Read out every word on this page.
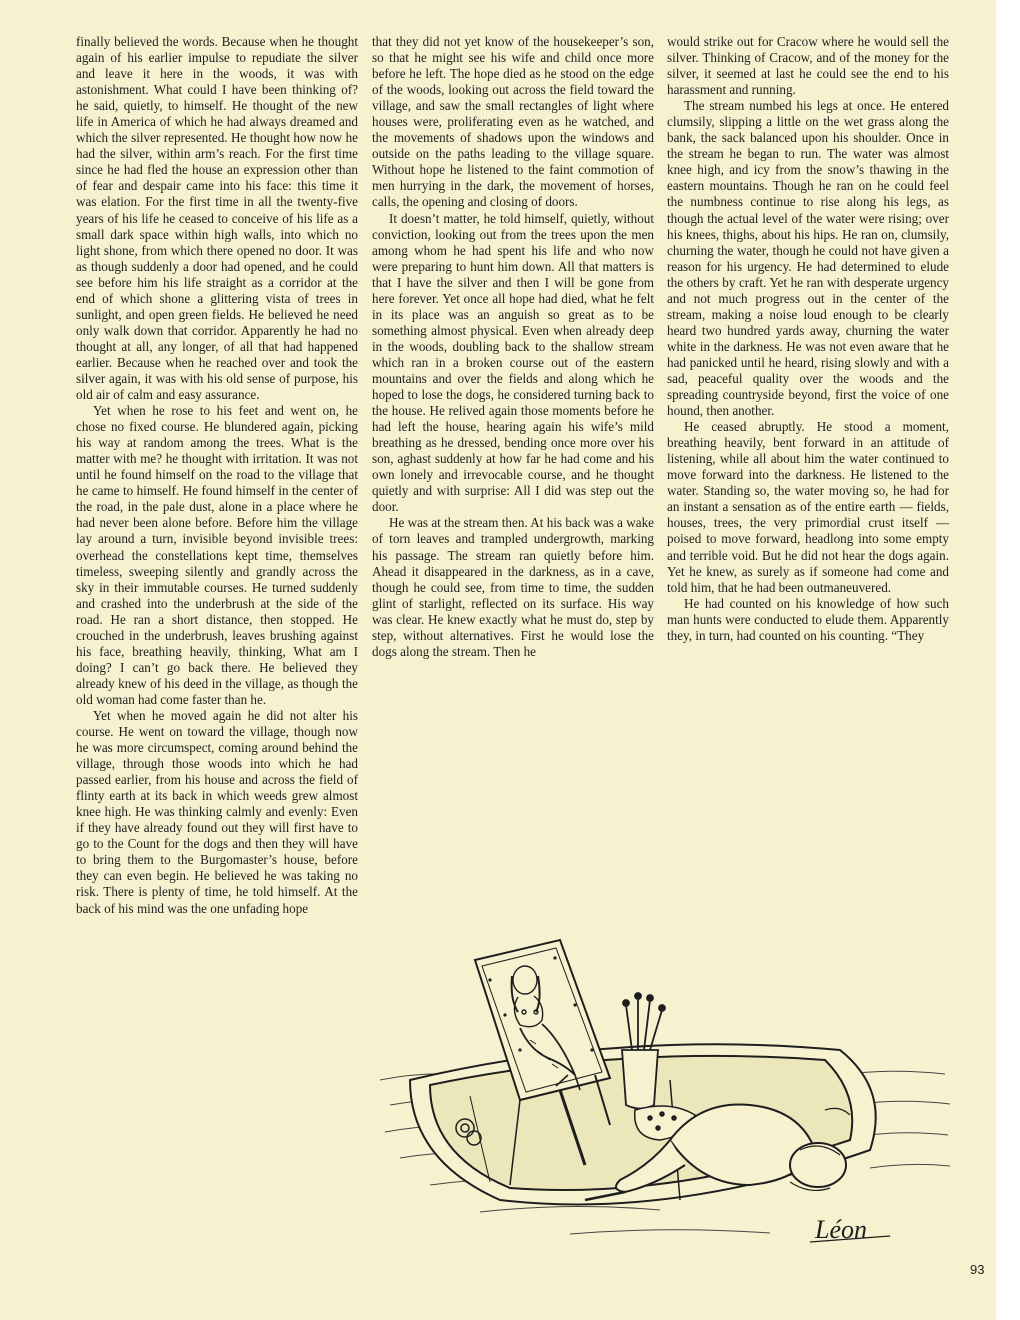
finally believed the words. Because when he thought again of his earlier impulse to repudiate the silver and leave it here in the woods, it was with astonishment. What could I have been thinking of? he said, quietly, to himself. He thought of the new life in America of which he had always dreamed and which the silver represented. He thought how now he had the silver, within arm’s reach. For the first time since he had fled the house an expression other than of fear and despair came into his face: this time it was elation. For the first time in all the twenty-five years of his life he ceased to conceive of his life as a small dark space within high walls, into which no light shone, from which there opened no door. It was as though suddenly a door had opened, and he could see before him his life straight as a corridor at the end of which shone a glittering vista of trees in sunlight, and open green fields. He believed he need only walk down that corridor. Apparently he had no thought at all, any longer, of all that had happened earlier. Because when he reached over and took the silver again, it was with his old sense of purpose, his old air of calm and easy assurance.

Yet when he rose to his feet and went on, he chose no fixed course. He blundered again, picking his way at random among the trees. What is the matter with me? he thought with irritation. It was not until he found himself on the road to the village that he came to himself. He found himself in the center of the road, in the pale dust, alone in a place where he had never been alone before. Before him the village lay around a turn, invisible beyond invisible trees: overhead the constellations kept time, themselves timeless, sweeping silently and grandly across the sky in their immutable courses. He turned suddenly and crashed into the underbrush at the side of the road. He ran a short distance, then stopped. He crouched in the underbrush, leaves brushing against his face, breathing heavily, thinking, What am I doing? I can’t go back there. He believed they already knew of his deed in the village, as though the old woman had come faster than he.

Yet when he moved again he did not alter his course. He went on toward the village, though now he was more circumspect, coming around behind the village, through those woods into which he had passed earlier, from his house and across the field of flinty earth at its back in which weeds grew almost knee high. He was thinking calmly and evenly: Even if they have already found out they will first have to go to the Count for the dogs and then they will have to bring them to the Burgomaster’s house, before they can even begin. He believed he was taking no risk. There is plenty of time, he told himself. At the back of his mind was the one unfading hope

that they did not yet know of the housekeeper’s son, so that he might see his wife and child once more before he left. The hope died as he stood on the edge of the woods, looking out across the field toward the village, and saw the small rectangles of light where houses were, proliferating even as he watched, and the movements of shadows upon the windows and outside on the paths leading to the village square. Without hope he listened to the faint commotion of men hurrying in the dark, the movement of horses, calls, the opening and closing of doors.

It doesn’t matter, he told himself, quietly, without conviction, looking out from the trees upon the men among whom he had spent his life and who now were preparing to hunt him down. All that matters is that I have the silver and then I will be gone from here forever. Yet once all hope had died, what he felt in its place was an anguish so great as to be something almost physical. Even when already deep in the woods, doubling back to the shallow stream which ran in a broken course out of the eastern mountains and over the fields and along which he hoped to lose the dogs, he considered turning back to the house. He relived again those moments before he had left the house, hearing again his wife’s mild breathing as he dressed, bending once more over his son, aghast suddenly at how far he had come and his own lonely and irrevocable course, and he thought quietly and with surprise: All I did was step out the door.

He was at the stream then. At his back was a wake of torn leaves and trampled undergrowth, marking his passage. The stream ran quietly before him. Ahead it disappeared in the darkness, as in a cave, though he could see, from time to time, the sudden glint of starlight, reflected on its surface. His way was clear. He knew exactly what he must do, step by step, without alternatives. First he would lose the dogs along the stream. Then he

would strike out for Cracow where he would sell the silver. Thinking of Cracow, and of the money for the silver, it seemed at last he could see the end to his harassment and running.

The stream numbed his legs at once. He entered clumsily, slipping a little on the wet grass along the bank, the sack balanced upon his shoulder. Once in the stream he began to run. The water was almost knee high, and icy from the snow’s thawing in the eastern mountains. Though he ran on he could feel the numbness continue to rise along his legs, as though the actual level of the water were rising; over his knees, thighs, about his hips. He ran on, clumsily, churning the water, though he could not have given a reason for his urgency. He had determined to elude the others by craft. Yet he ran with desperate urgency and not much progress out in the center of the stream, making a noise loud enough to be clearly heard two hundred yards away, churning the water white in the darkness. He was not even aware that he had panicked until he heard, rising slowly and with a sad, peaceful quality over the woods and the spreading countryside beyond, first the voice of one hound, then another.

He ceased abruptly. He stood a moment, breathing heavily, bent forward in an attitude of listening, while all about him the water continued to move forward into the darkness. He listened to the water. Standing so, the water moving so, he had for an instant a sensation as of the entire earth — fields, houses, trees, the very primordial crust itself — poised to move forward, headlong into some empty and terrible void. But he did not hear the dogs again. Yet he knew, as surely as if someone had come and told him, that he had been outmaneuvered.

He had counted on his knowledge of how such man hunts were conducted to elude them. Apparently they, in turn, had counted on his counting. “They

Léon
93
